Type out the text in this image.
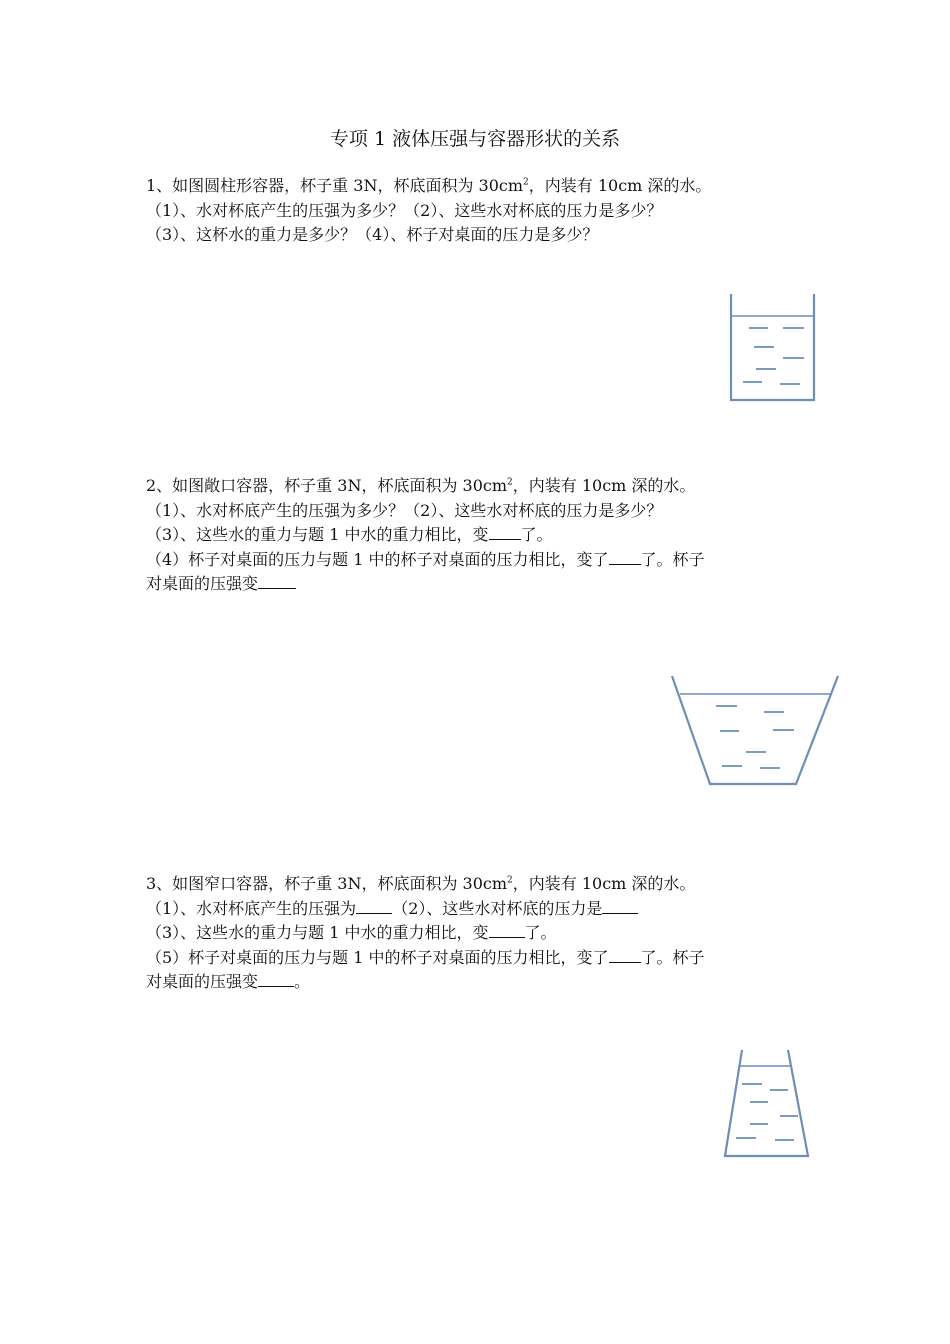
专项 1 液体压强与容器形状的关系

1、如图圆柱形容器，杯子重 3N，杯底面积为 $30cm^2$，内装有 10cm 深的水。

（1）、水对杯底产生的压强为多少？（2）、这些水对杯底的压力是多少？

（3）、这杯水的重力是多少？（4）、杯子对桌面的压力是多少？

2、如图敞口容器，杯子重 3N，杯底面积为 $30cm^2$，内装有 10cm 深的水。

（1）、水对杯底产生的压强为多少？（2）、这些水对杯底的压力是多少？

（3）、这些水的重力与题 1 中水的重力相比，变 了。

（4）杯子对桌面的压力与题 1 中的杯子对桌面的压力相比，变了 了。杯子

对桌面的压强变

3、如图窄口容器，杯子重 3N，杯底面积为 $30cm^2$，内装有 10cm 深的水。

（1）、水对杯底产生的压强为 （2）、这些水对杯底的压力是

（3）、这些水的重力与题 1 中水的重力相比，变 了。

（5）杯子对桌面的压力与题 1 中的杯子对桌面的压力相比，变了 了。杯子

对桌面的压强变 。
